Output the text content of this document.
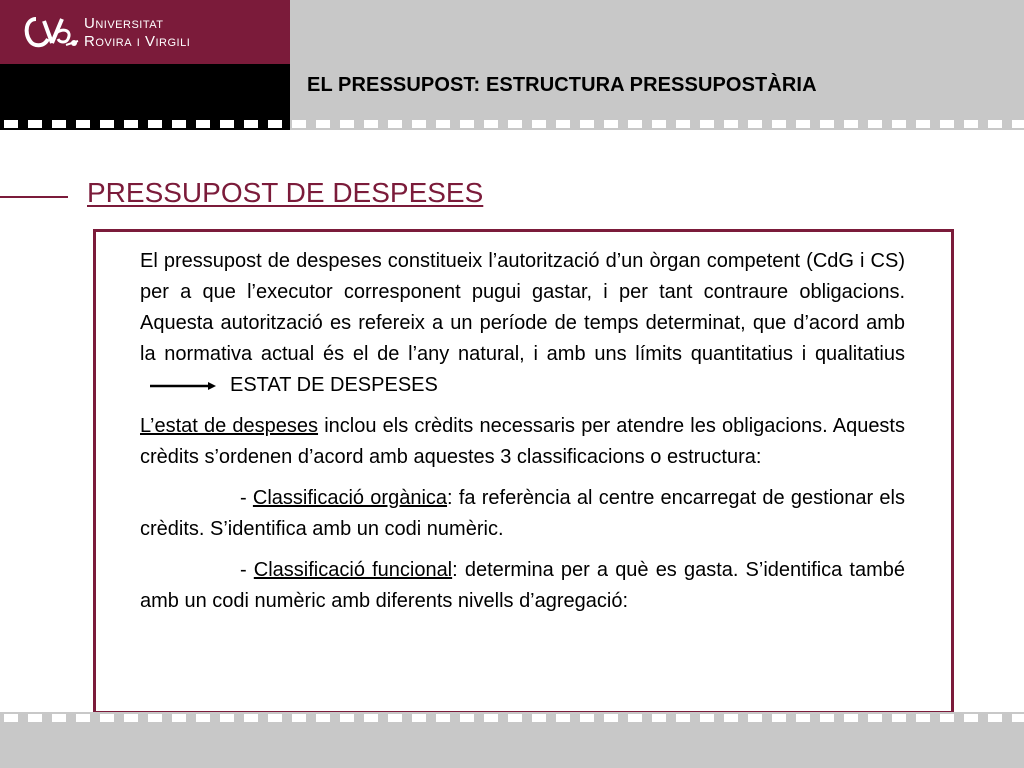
Universitat
Rovira i Virgili
EL PRESSUPOST: ESTRUCTURA PRESSUPOSTÀRIA
PRESSUPOST DE DESPESES

El pressupost de despeses constitueix l’autorització d’un òrgan competent (CdG i CS) per a que l’executor corresponent pugui gastar, i per tant contraure obligacions. Aquesta autorització es refereix a un període de temps determinat, que d’acord amb la normativa actual és el de l’any natural, i amb uns límits quantitatius i qualitatiusESTAT DE DESPESES

L’estat de despeses inclou els crèdits necessaris per atendre les obligacions. Aquests crèdits s’ordenen d’acord amb aquestes 3 classificacions o estructura:

- Classificació orgànica: fa referència al centre encarregat de gestionar els crèdits. S’identifica amb un codi numèric.

- Classificació funcional: determina per a què es gasta. S’identifica també amb un codi numèric amb diferents nivells d’agregació:
